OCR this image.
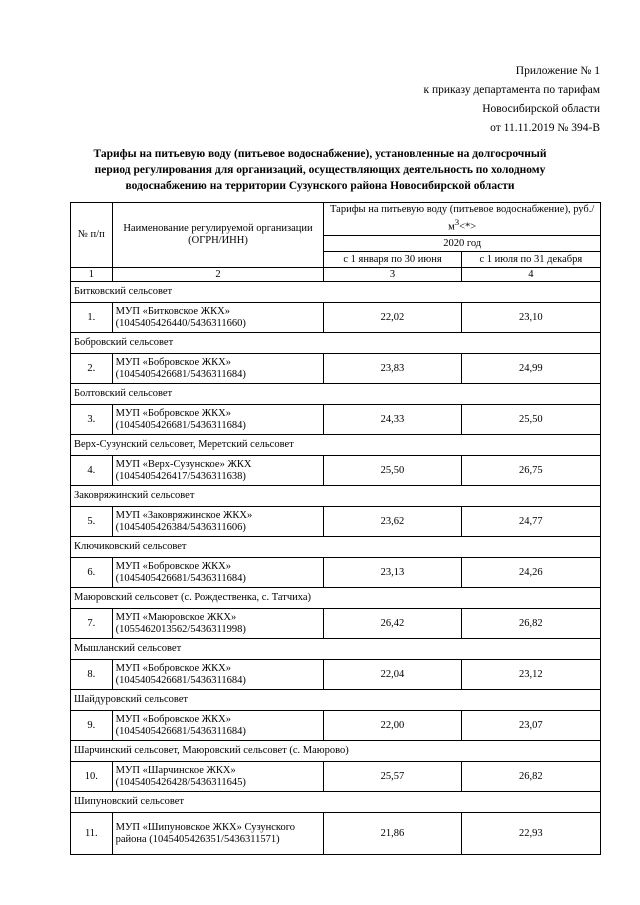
Приложение № 1
к приказу департамента по тарифам
Новосибирской области
от 11.11.2019 № 394-В
Тарифы на питьевую воду (питьевое водоснабжение), установленные на долгосрочный период регулирования для организаций, осуществляющих деятельность по холодному водоснабжению на территории Сузунского района Новосибирской области
№ п/п	Наименование регулируемой организации (ОГРН/ИНН)	Тарифы на питьевую воду (питьевое водоснабжение), $руб./м^3<*>$	
		2020 год	
		с 1 января по 30 июня	с 1 июля по 31 декабря
1	2	3	4
Битковский сельсовет			
1.	МУП «Битковское ЖКХ» (1045405426440/5436311660)	22,02	23,10
Бобровский сельсовет			
2.	МУП «Бобровское ЖКХ» (1045405426681/5436311684)	23,83	24,99
Болтовский сельсовет			
3.	МУП «Бобровское ЖКХ» (1045405426681/5436311684)	24,33	25,50
Верх-Сузунский сельсовет, Меретский сельсовет			
4.	МУП «Верх-Сузунское» ЖКХ (1045405426417/5436311638)	25,50	26,75
Заковряжинский сельсовет			
5.	МУП «Заковряжинское ЖКХ» (1045405426384/5436311606)	23,62	24,77
Ключиковский сельсовет			
6.	МУП «Бобровское ЖКХ» (1045405426681/5436311684)	23,13	24,26
Маюровский сельсовет (с. Рождественка, с. Татчиха)			
7.	МУП «Маюровское ЖКХ» (1055462013562/5436311998)	26,42	26,82
Мышланский сельсовет			
8.	МУП «Бобровское ЖКХ» (1045405426681/5436311684)	22,04	23,12
Шайдуровский сельсовет			
9.	МУП «Бобровское ЖКХ» (1045405426681/5436311684)	22,00	23,07
Шарчинский сельсовет, Маюровский сельсовет (с. Маюрово)			
10.	МУП «Шарчинское ЖКХ» (1045405426428/5436311645)	25,57	26,82
Шипуновский сельсовет			
11.	МУП «Шипуновское ЖКХ» Сузунского района (1045405426351/5436311571)	21,86	22,93
